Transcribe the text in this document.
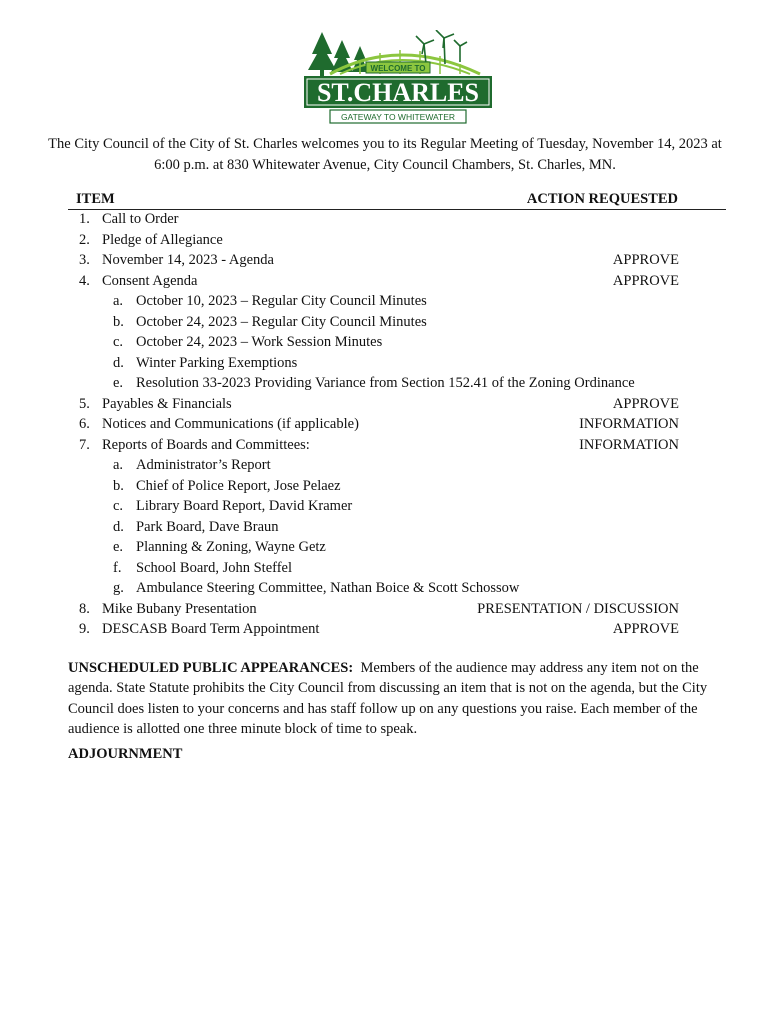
WELCOME TO
ST.CHARLES
GATEWAY TO WHITEWATER
The City Council of the City of St. Charles welcomes you to its Regular Meeting of Tuesday, November 14, 2023 at 6:00 p.m. at 830 Whitewater Avenue, City Council Chambers, St. Charles, MN.
ITEM	ACTION REQUESTED
1. Call to Order
2. Pledge of Allegiance
3. November 14, 2023 - Agenda	APPROVE
4. Consent Agenda	APPROVE
a. October 10, 2023 – Regular City Council Minutes
b. October 24, 2023 – Regular City Council Minutes
c. October 24, 2023 – Work Session Minutes
d. Winter Parking Exemptions
e. Resolution 33-2023 Providing Variance from Section 152.41 of the Zoning Ordinance
5. Payables & Financials	APPROVE
6. Notices and Communications (if applicable)	INFORMATION
7. Reports of Boards and Committees:	INFORMATION
a. Administrator’s Report
b. Chief of Police Report, Jose Pelaez
c. Library Board Report, David Kramer
d. Park Board, Dave Braun
e. Planning & Zoning, Wayne Getz
f. School Board, John Steffel
g. Ambulance Steering Committee, Nathan Boice & Scott Schossow
8. Mike Bubany Presentation	PRESENTATION / DISCUSSION
9. DESCASB Board Term Appointment	APPROVE
UNSCHEDULED PUBLIC APPEARANCES: Members of the audience may address any item not on the agenda. State Statute prohibits the City Council from discussing an item that is not on the agenda, but the City Council does listen to your concerns and has staff follow up on any questions you raise. Each member of the audience is allotted one three minute block of time to speak.
ADJOURNMENT
